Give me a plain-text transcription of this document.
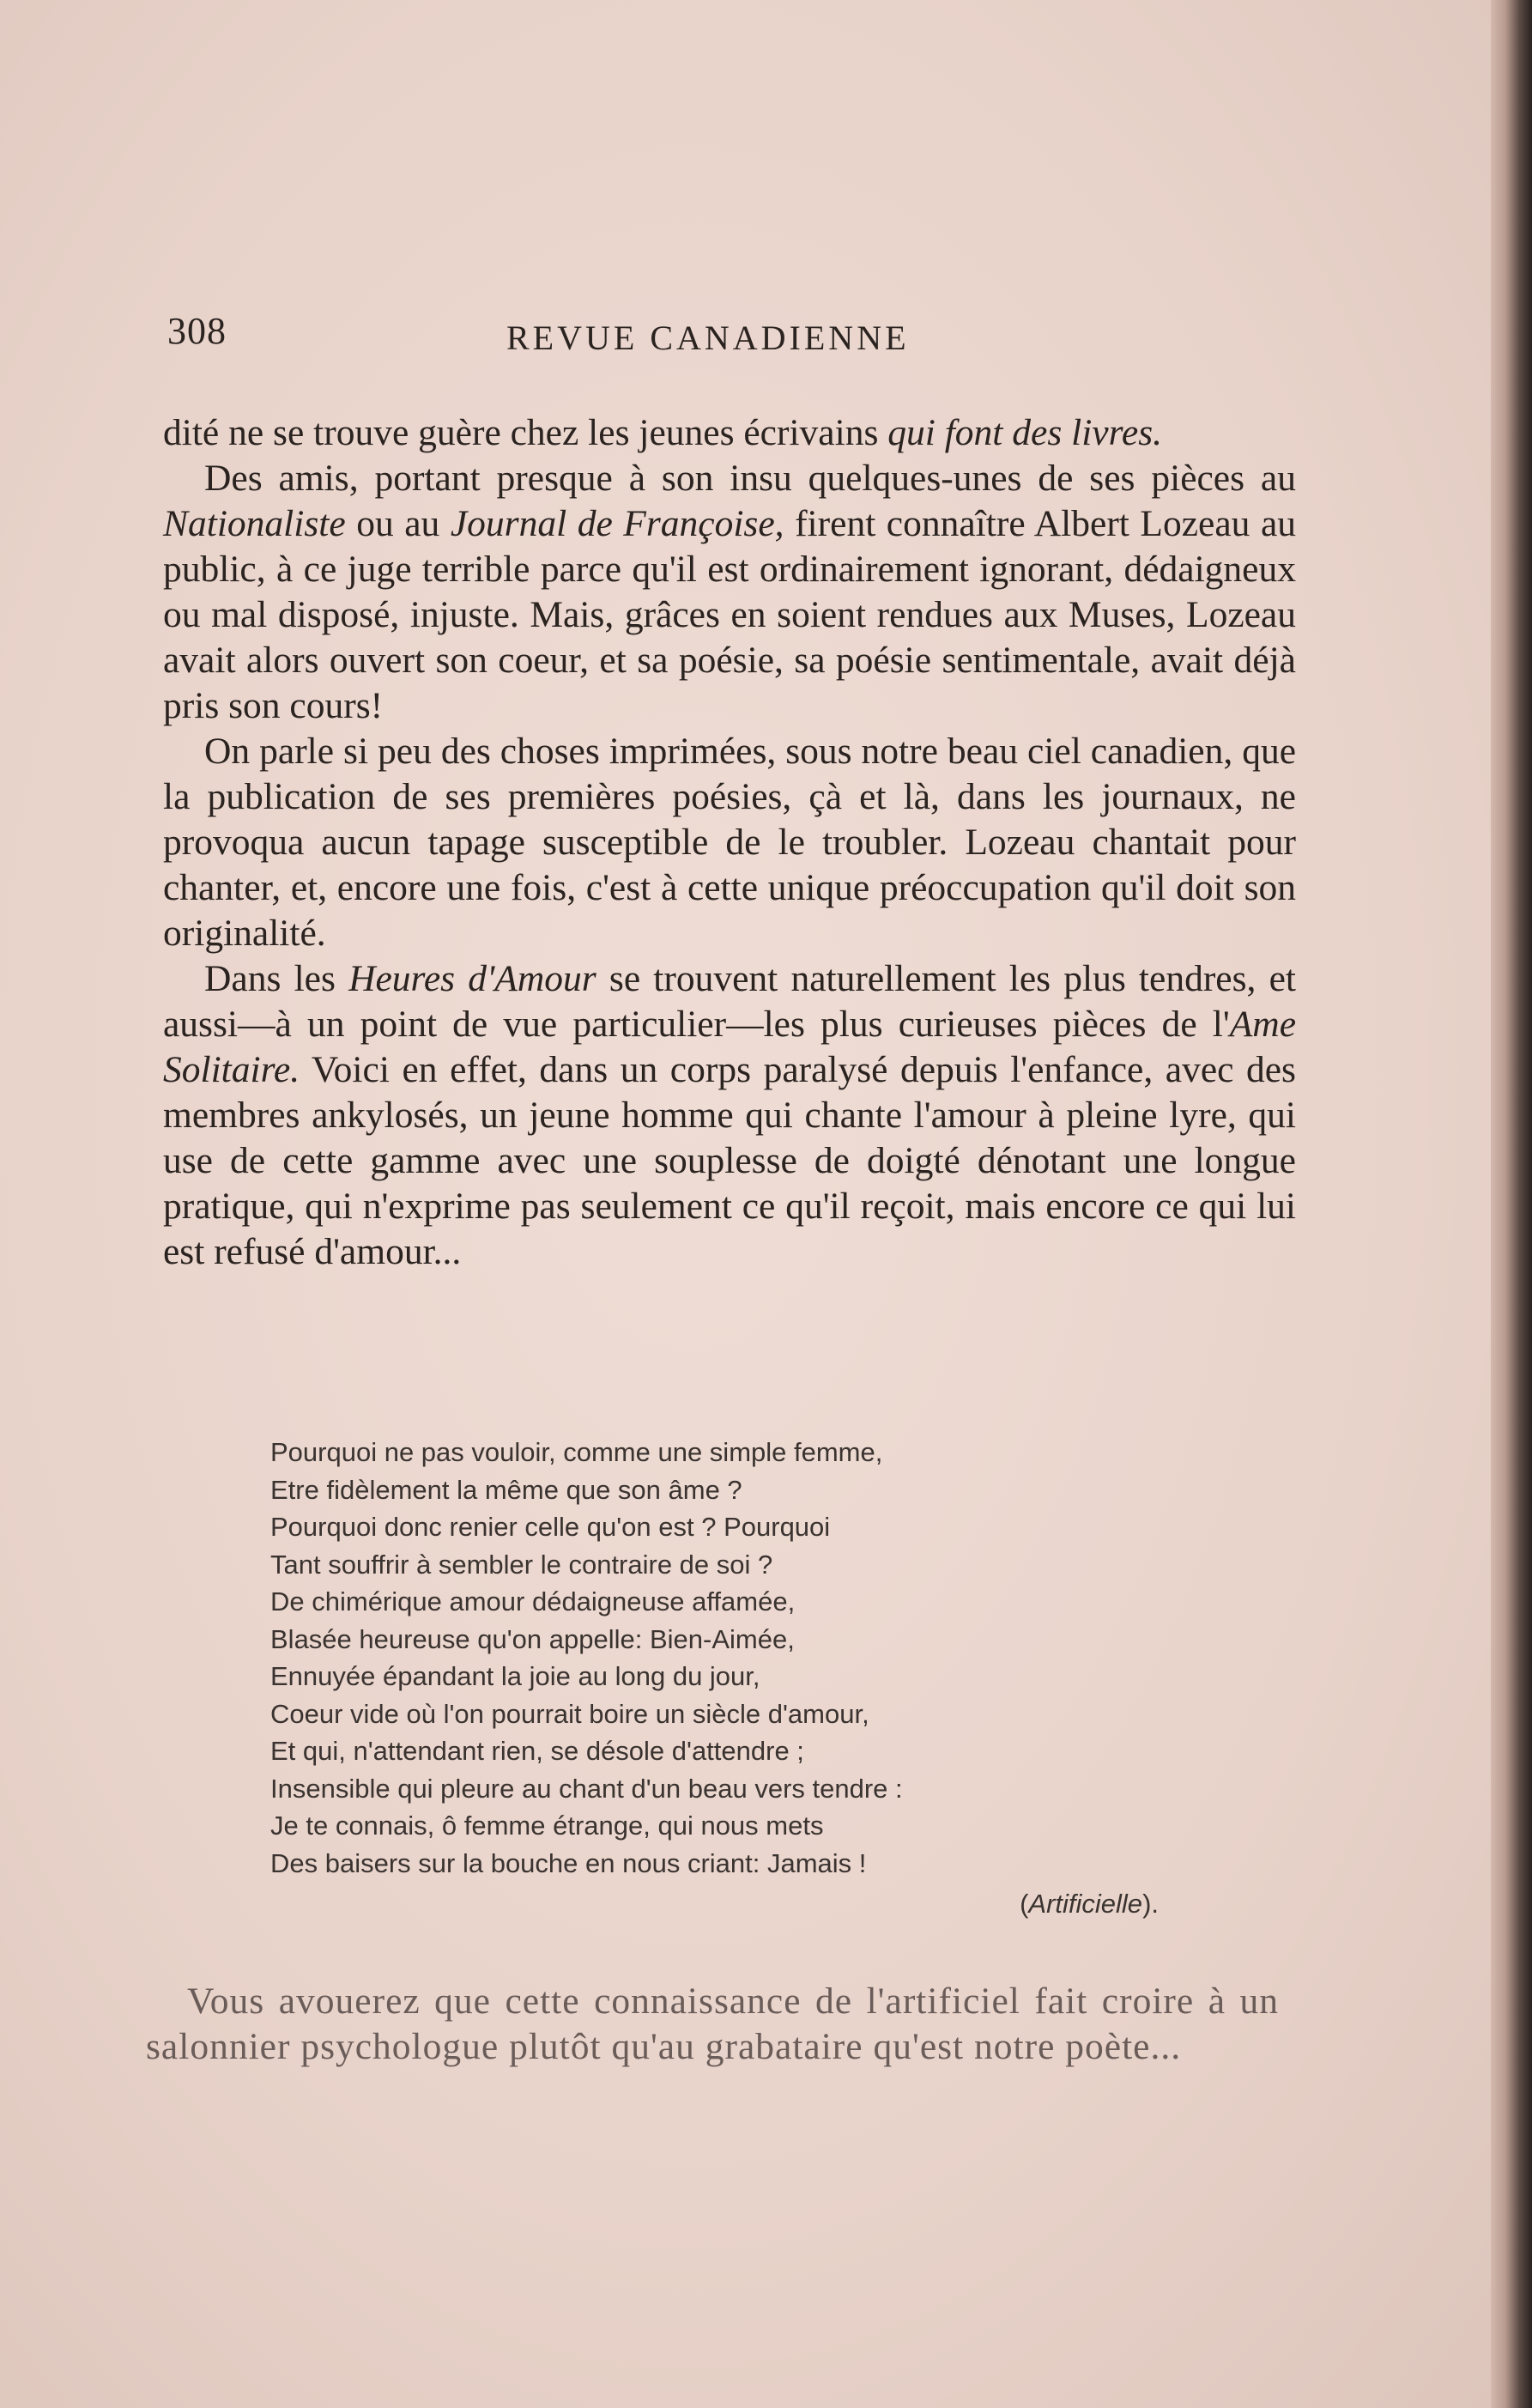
308	REVUE CANADIENNE

dité ne se trouve guère chez les jeunes écrivains qui font des livres.

Des amis, portant presque à son insu quelques-unes de ses pièces au Nationaliste ou au Journal de Françoise, firent connaître Albert Lozeau au public, à ce juge terrible parce qu'il est ordinairement ignorant, dédaigneux ou mal disposé, injuste. Mais, grâces en soient rendues aux Muses, Lozeau avait alors ouvert son coeur, et sa poésie, sa poésie sentimentale, avait déjà pris son cours!

On parle si peu des choses imprimées, sous notre beau ciel canadien, que la publication de ses premières poésies, çà et là, dans les journaux, ne provoqua aucun tapage susceptible de le troubler. Lozeau chantait pour chanter, et, encore une fois, c'est à cette unique préoccupation qu'il doit son originalité.

Dans les Heures d'Amour se trouvent naturellement les plus tendres, et aussi—à un point de vue particulier—les plus curieuses pièces de l'Ame Solitaire. Voici en effet, dans un corps paralysé depuis l'enfance, avec des membres ankylosés, un jeune homme qui chante l'amour à pleine lyre, qui use de cette gamme avec une souplesse de doigté dénotant une longue pratique, qui n'exprime pas seulement ce qu'il reçoit, mais encore ce qui lui est refusé d'amour...

Pourquoi ne pas vouloir, comme une simple femme,
Etre fidèlement la même que son âme ?
Pourquoi donc renier celle qu'on est ? Pourquoi
Tant souffrir à sembler le contraire de soi ?
De chimérique amour dédaigneuse affamée,
Blasée heureuse qu'on appelle: Bien-Aimée,
Ennuyée épandant la joie au long du jour,
Coeur vide où l'on pourrait boire un siècle d'amour,
Et qui, n'attendant rien, se désole d'attendre ;
Insensible qui pleure au chant d'un beau vers tendre :
Je te connais, ô femme étrange, qui nous mets
Des baisers sur la bouche en nous criant: Jamais !
(Artificielle).

Vous avouerez que cette connaissance de l'artificiel fait croire à un salonnier psychologue plutôt qu'au grabataire qu'est notre poète...
